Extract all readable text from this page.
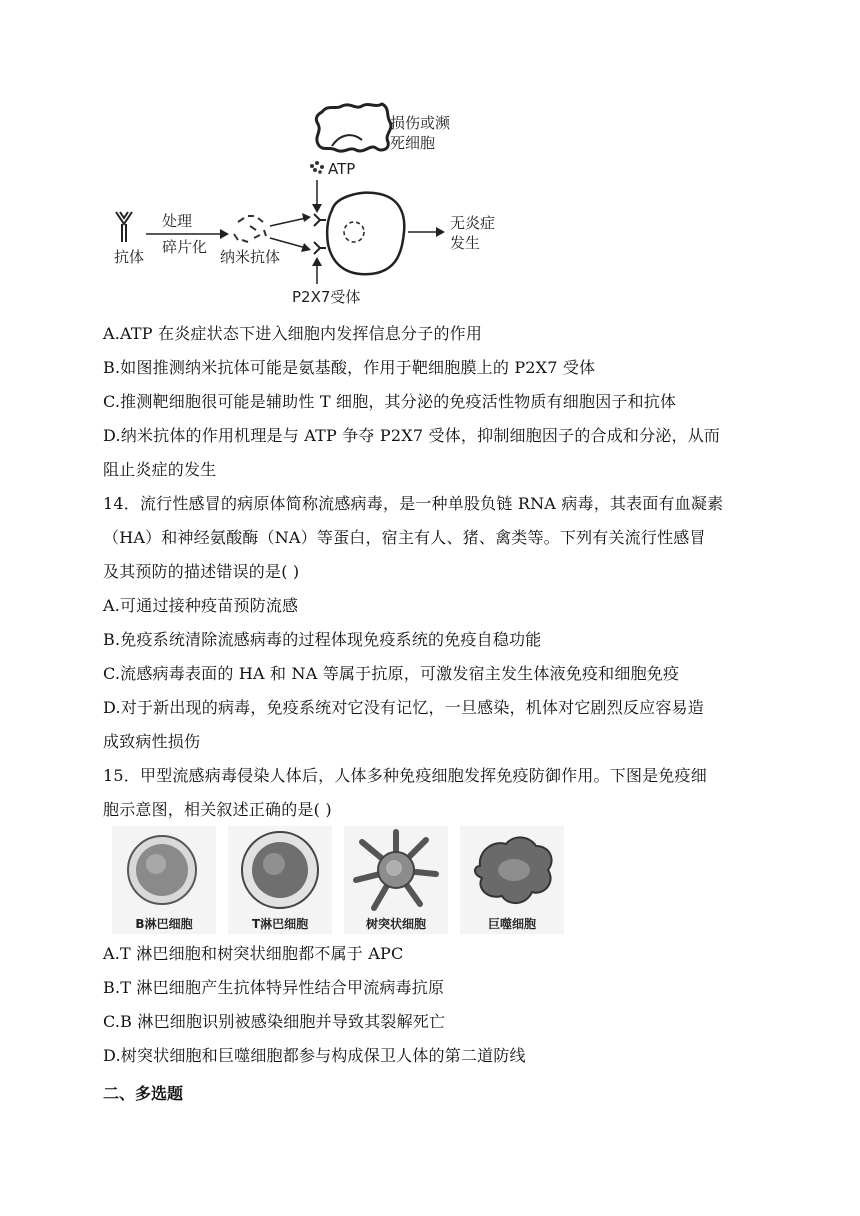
损伤或濒
死细胞
ATP
抗体
处理
碎片化
纳米抗体
无炎症
发生
P2X7受体
A.ATP 在炎症状态下进入细胞内发挥信息分子的作用
B.如图推测纳米抗体可能是氨基酸，作用于靶细胞膜上的 P2X7 受体
C.推测靶细胞很可能是辅助性 T 细胞，其分泌的免疫活性物质有细胞因子和抗体
D.纳米抗体的作用机理是与 ATP 争夺 P2X7 受体，抑制细胞因子的合成和分泌，从而
阻止炎症的发生
14．流行性感冒的病原体简称流感病毒，是一种单股负链 RNA 病毒，其表面有血凝素
（HA）和神经氨酸酶（NA）等蛋白，宿主有人、猪、禽类等。下列有关流行性感冒
及其预防的描述错误的是( )
A.可通过接种疫苗预防流感
B.免疫系统清除流感病毒的过程体现免疫系统的免疫自稳功能
C.流感病毒表面的 HA 和 NA 等属于抗原，可激发宿主发生体液免疫和细胞免疫
D.对于新出现的病毒，免疫系统对它没有记忆，一旦感染，机体对它剧烈反应容易造
成致病性损伤
15．甲型流感病毒侵染人体后，人体多种免疫细胞发挥免疫防御作用。下图是免疫细
胞示意图，相关叙述正确的是( )
B淋巴细胞	T淋巴细胞	树突状细胞	巨噬细胞
A.T 淋巴细胞和树突状细胞都不属于 APC
B.T 淋巴细胞产生抗体特异性结合甲流病毒抗原
C.B 淋巴细胞识别被感染细胞并导致其裂解死亡
D.树突状细胞和巨噬细胞都参与构成保卫人体的第二道防线
二、多选题
